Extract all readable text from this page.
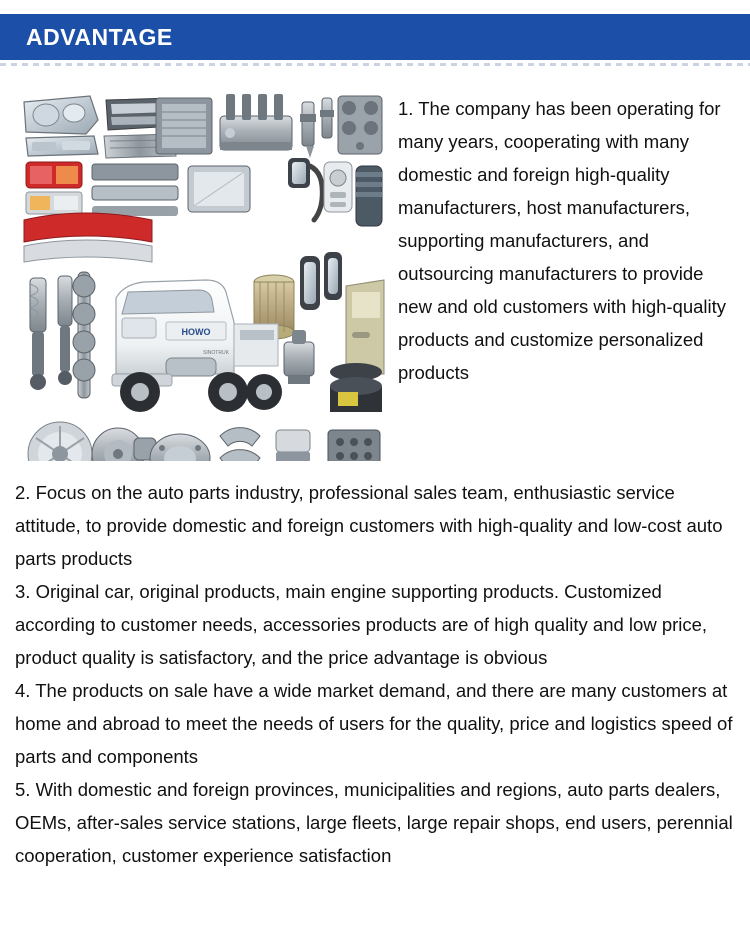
ADVANTAGE
HOWO
SINOTRUK
1. The company has been operating for many years, cooperating with many domestic and foreign high-quality manufacturers, host manufacturers, supporting manufacturers, and outsourcing manufacturers to provide new and old customers with high-quality products and customize personalized products

2. Focus on the auto parts industry, professional sales team, enthusiastic service attitude, to provide domestic and foreign customers with high-quality and low-cost auto parts products

3. Original car, original products, main engine supporting products. Customized according to customer needs, accessories products are of high quality and low price, product quality is satisfactory, and the price advantage is obvious

4. The products on sale have a wide market demand, and there are many customers at home and abroad to meet the needs of users for the quality, price and logistics speed of parts and components

5. With domestic and foreign provinces, municipalities and regions, auto parts dealers, OEMs, after-sales service stations, large fleets, large repair shops, end users, perennial cooperation, customer experience satisfaction
